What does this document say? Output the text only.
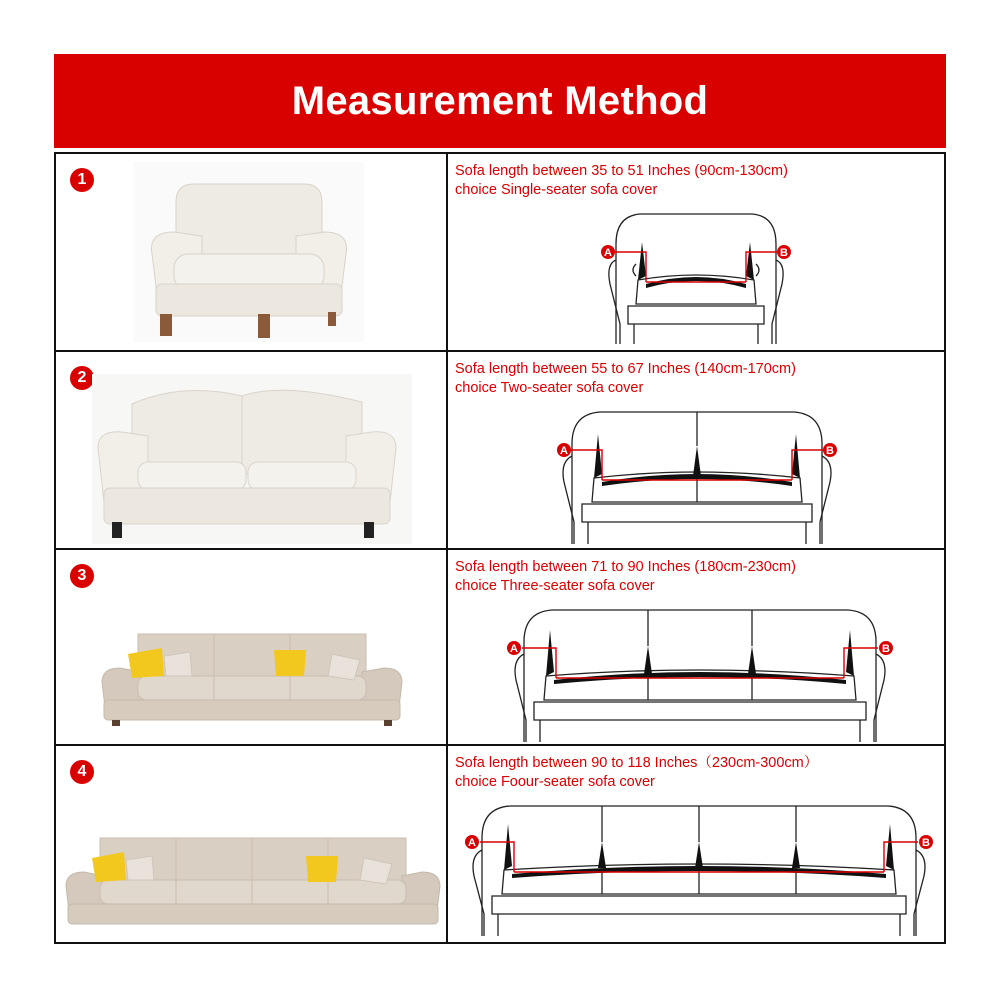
Measurement Method
1	Sofa length between 35 to 51 Inches (90cm-130cm)
choice Single-seater sofa cover
A	B
2	Sofa length between 55 to 67 Inches (140cm-170cm)
choice Two-seater sofa cover
A	B
3	Sofa length between 71 to 90 Inches (180cm-230cm)
choice Three-seater sofa cover
A	B
4	Sofa length between 90 to 118 Inches（230cm-300cm）
choice Foour-seater sofa cover
A	B
